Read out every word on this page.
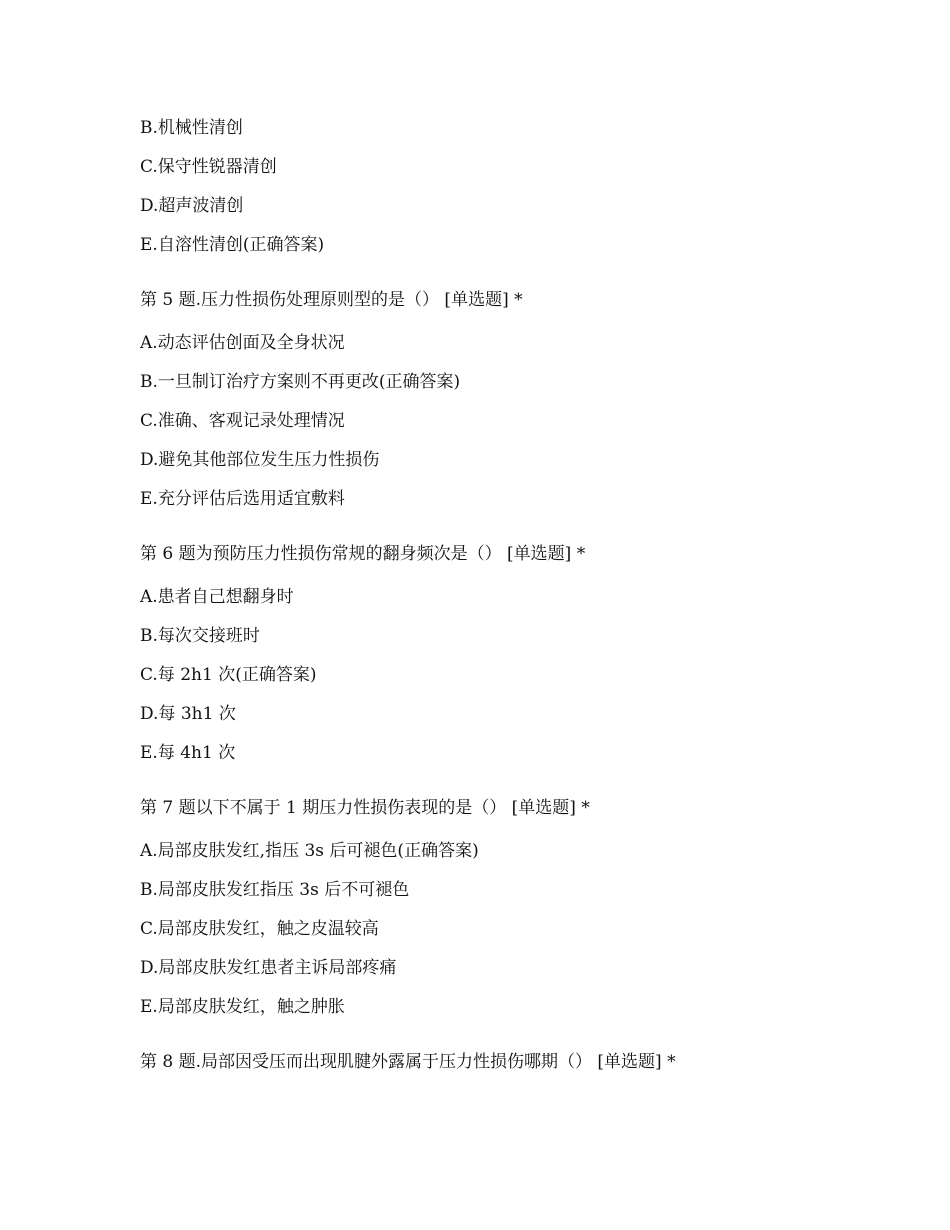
B.机械性清创
C.保守性锐器清创
D.超声波清创
E.自溶性清创(正确答案)
第 5 题.压力性损伤处理原则型的是（） [单选题] *
A.动态评估创面及全身状况
B.一旦制订治疗方案则不再更改(正确答案)
C.准确、客观记录处理情况
D.避免其他部位发生压力性损伤
E.充分评估后选用适宜敷料
第 6 题为预防压力性损伤常规的翻身频次是（） [单选题] *
A.患者自己想翻身时
B.每次交接班时
C.每 2h1 次(正确答案)
D.每 3h1 次
E.每 4h1 次
第 7 题以下不属于 1 期压力性损伤表现的是（） [单选题] *
A.局部皮肤发红,指压 3s 后可褪色(正确答案)
B.局部皮肤发红指压 3s 后不可褪色
C.局部皮肤发红，触之皮温较高
D.局部皮肤发红患者主诉局部疼痛
E.局部皮肤发红，触之肿胀
第 8 题.局部因受压而出现肌腱外露属于压力性损伤哪期（） [单选题] *
